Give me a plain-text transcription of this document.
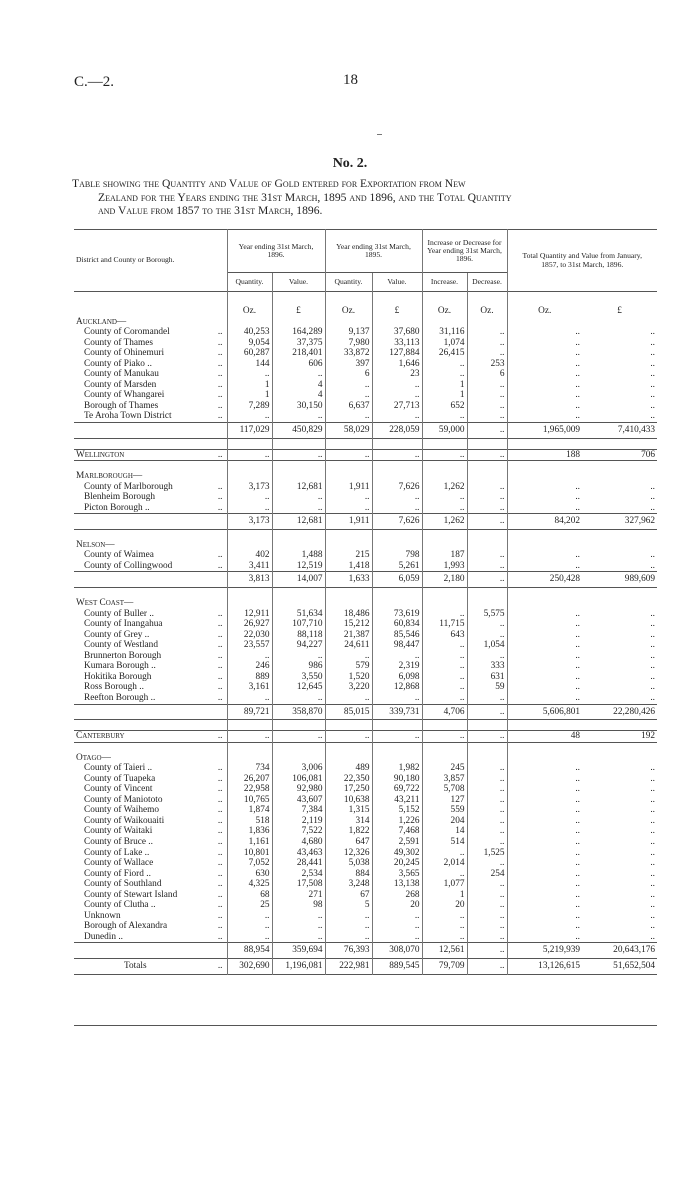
C.—2.	18
No. 2.
Table showing the Quantity and Value of Gold entered for Exportation from New
Zealand for the Years ending the 31st March, 1895 and 1896, and the Total Quantity
and Value from 1857 to the 31st March, 1896.
District and County or Borough.	Year ending 31st March, 1896.		Year ending 31st March, 1895.		Increase or Decrease for Year ending 31st March, 1896.		Total Quantity and Value from January, 1857, to 31st March, 1896.	
	Quantity.	Value.	Quantity.	Value.	Increase.	Decrease.		

	Oz.	£	Oz.	£	Oz.	Oz.	Oz.	£
Auckland—								

..
County of Coromandel	40,253	164,289	9,137	37,680	31,116	..	..	..

..
County of Thames	9,054	37,375	7,980	33,113	1,074	..	..	..

..
County of Ohinemuri	60,287	218,401	33,872	127,884	26,415	..	..	..

..
County of Piako ..	144	606	397	1,646	..	253	..	..

..
County of Manukau	..	..	6	23	..	6	..	..

..
County of Marsden	1	4	..	..	1	..	..	..

..
County of Whangarei	1	4	..	..	1	..	..	..

..
Borough of Thames	7,289	30,150	6,637	27,713	652	..	..	..

..
Te Aroha Town District	..	..	..	..	..	..	..	..
	117,029	450,829	58,029	228,059	59,000	..	1,965,009	7,410,433

..
Wellington	..	..	..	..	..	..	188	706

Marlborough—								

..
County of Marlborough	3,173	12,681	1,911	7,626	1,262	..	..	..

..
Blenheim Borough	..	..	..	..	..	..	..	..

..
Picton Borough ..	..	..	..	..	..	..	..	..
	3,173	12,681	1,911	7,626	1,262	..	84,202	327,962

Nelson—								

..
County of Waimea	402	1,488	215	798	187	..	..	..

..
County of Collingwood	3,411	12,519	1,418	5,261	1,993	..	..	..
	3,813	14,007	1,633	6,059	2,180	..	250,428	989,609

West Coast—								

..
County of Buller ..	12,911	51,634	18,486	73,619	..	5,575	..	..

..
County of Inangahua	26,927	107,710	15,212	60,834	11,715	..	..	..

..
County of Grey ..	22,030	88,118	21,387	85,546	643	..	..	..

..
County of Westland	23,557	94,227	24,611	98,447	..	1,054	..	..

..
Brunnerton Borough	..	..	..	..	..	..	..	..

..
Kumara Borough ..	246	986	579	2,319	..	333	..	..

..
Hokitika Borough	889	3,550	1,520	6,098	..	631	..	..

..
Ross Borough ..	3,161	12,645	3,220	12,868	..	59	..	..

..
Reefton Borough ..	..	..	..	..	..	..	..	..
	89,721	358,870	85,015	339,731	4,706	..	5,606,801	22,280,426

..
Canterbury	..	..	..	..	..	..	48	192

Otago—								

..
County of Taieri ..	734	3,006	489	1,982	245	..	..	..

..
County of Tuapeka	26,207	106,081	22,350	90,180	3,857	..	..	..

..
County of Vincent	22,958	92,980	17,250	69,722	5,708	..	..	..

..
County of Maniototo	10,765	43,607	10,638	43,211	127	..	..	..

..
County of Waihemo	1,874	7,384	1,315	5,152	559	..	..	..

..
County of Waikouaiti	518	2,119	314	1,226	204	..	..	..

..
County of Waitaki	1,836	7,522	1,822	7,468	14	..	..	..

..
County of Bruce ..	1,161	4,680	647	2,591	514	..	..	..

..
County of Lake ..	10,801	43,463	12,326	49,302	..	1,525	..	..

..
County of Wallace	7,052	28,441	5,038	20,245	2,014	..	..	..

..
County of Fiord ..	630	2,534	884	3,565	..	254	..	..

..
County of Southland	4,325	17,508	3,248	13,138	1,077	..	..	..

..
County of Stewart Island	68	271	67	268	1	..	..	..

..
County of Clutha ..	25	98	5	20	20	..	..	..

..
Unknown	..	..	..	..	..	..	..	..

..
Borough of Alexandra	..	..	..	..	..	..	..	..

..
Dunedin ..	..	..	..	..	..	..	..	..
	88,954	359,694	76,393	308,070	12,561	..	5,219,939	20,643,176

..
Totals	302,690	1,196,081	222,981	889,545	79,709	..	13,126,615	51,652,504
